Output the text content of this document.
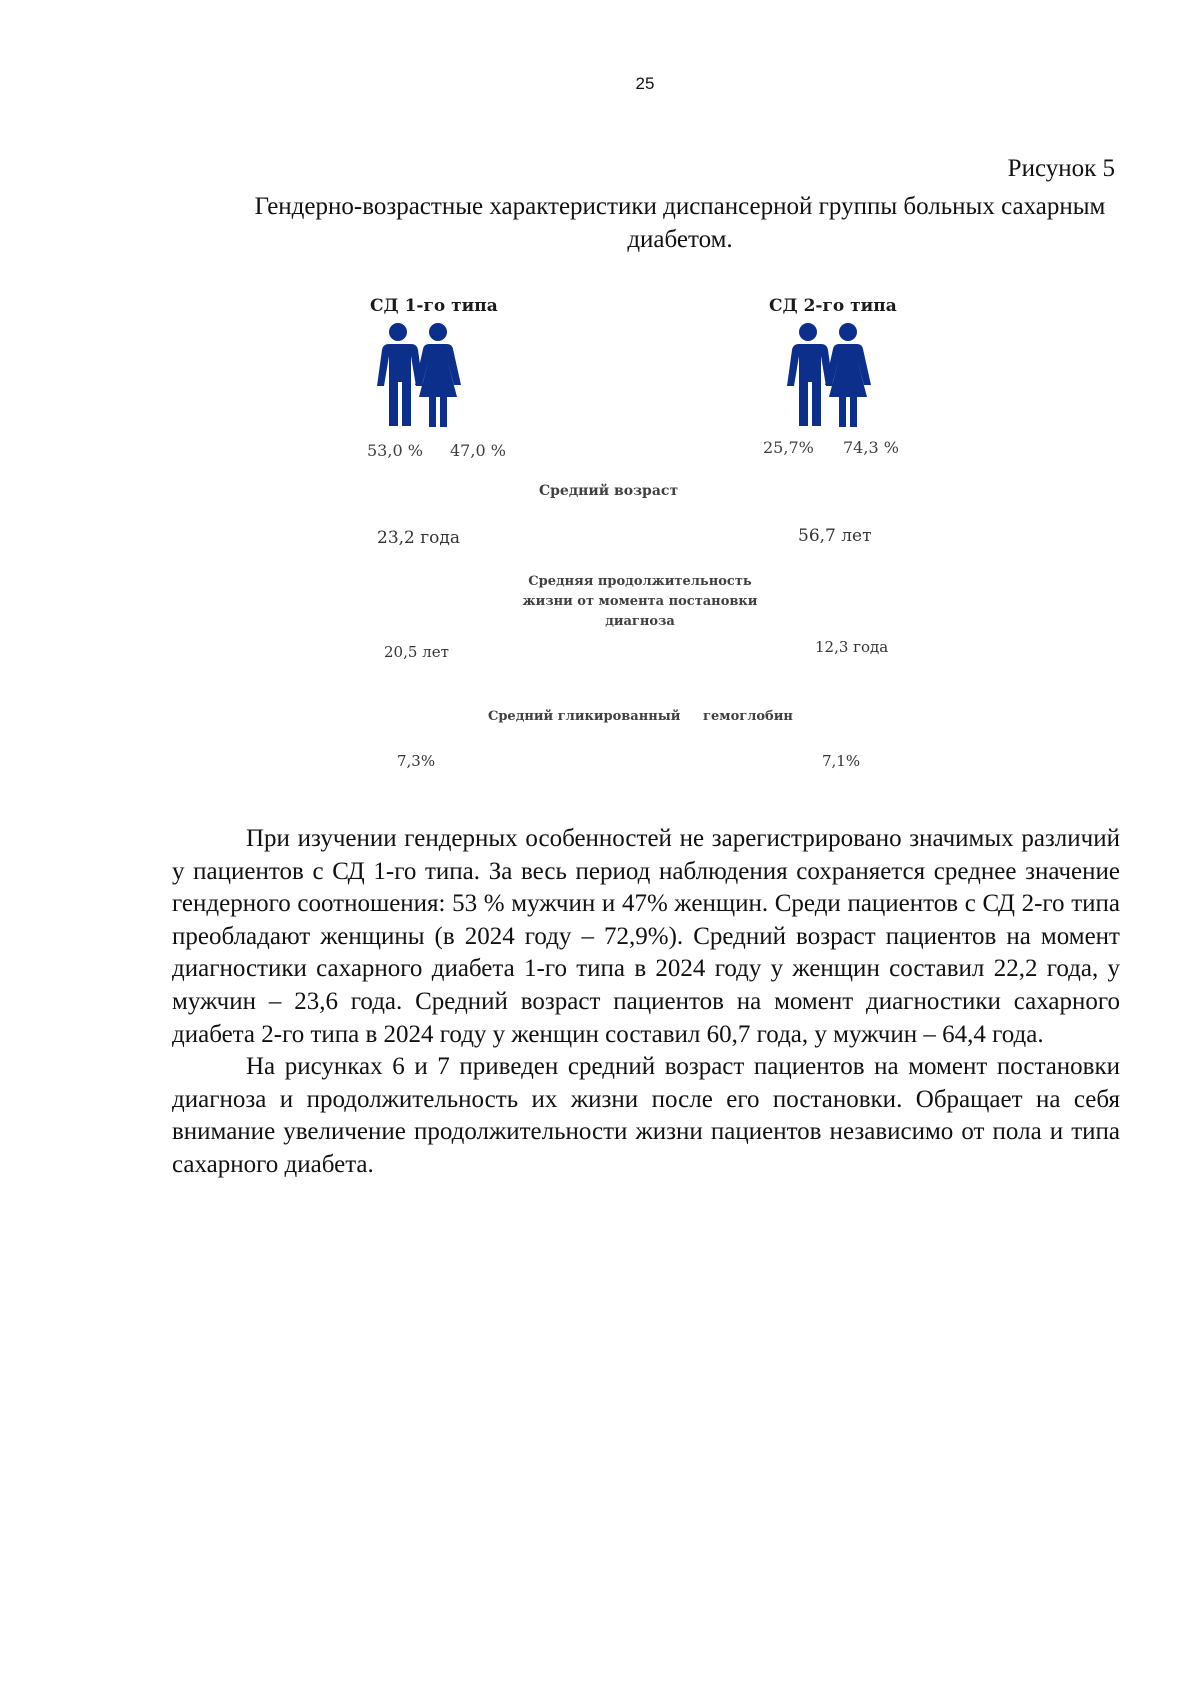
25
Рисунок 5
Гендерно-возрастные характеристики диспансерной группы больных сахарным диабетом.
СД 1-го типа
53,0 % 47,0 %
СД 2-го типа
25,7% 74,3 %
Средний возраст
23,2 года	56,7 лет
Средняя продолжительность
жизни от момента постановки
диагноза
20,5 лет	12,3 года
Средний гликированный     гемоглобин
7,3%	7,1%

При изучении гендерных особенностей не зарегистрировано значимых различий у пациентов с СД 1-го типа. За весь период наблюдения сохраняется среднее значение гендерного соотношения: 53 % мужчин и 47% женщин. Среди пациентов с СД 2-го типа преобладают женщины (в 2024 году – 72,9%). Средний возраст пациентов на момент диагностики сахарного диабета 1-го типа в 2024 году у женщин составил 22,2 года, у мужчин – 23,6 года. Средний возраст пациентов на момент диагностики сахарного диабета 2-го типа в 2024 году у женщин составил 60,7 года, у мужчин – 64,4 года.

На рисунках 6 и 7 приведен средний возраст пациентов на момент постановки диагноза и продолжительность их жизни после его постановки. Обращает на себя внимание увеличение продолжительности жизни пациентов независимо от пола и типа сахарного диабета.
